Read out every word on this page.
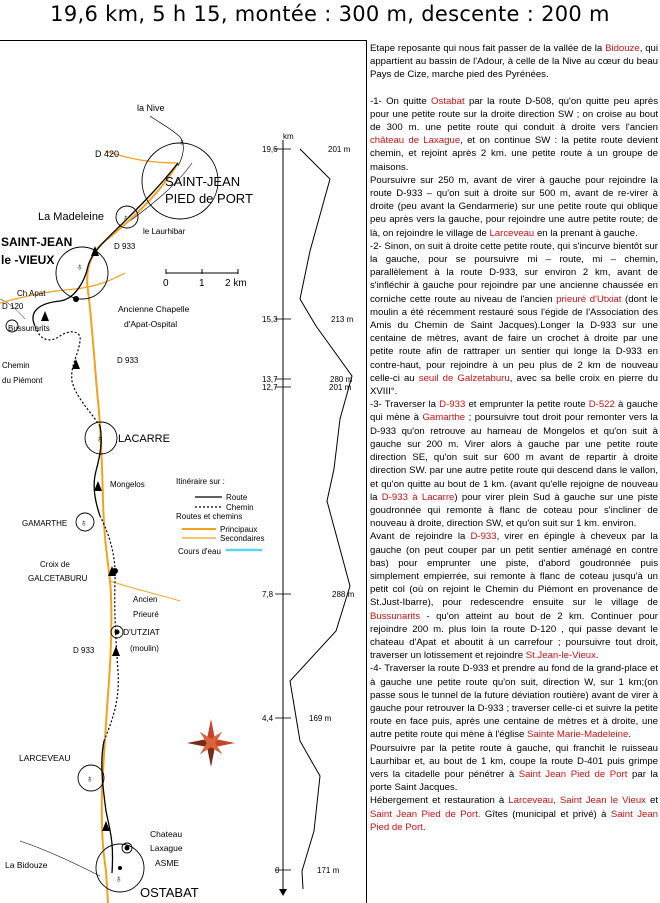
19,6 km, 5 h 15, montée : 300 m, descente : 200 m
♁
♁
♁
♁
♁
♁
♁
la Nive
D 420
SAINT-JEAN
PIED de PORT
La Madeleine
le Laurhibar
D 933
SAINT-JEAN
le -VIEUX
Ch Apat
D 120
Bussunarits
Ancienne Chapelle
d'Apat-Ospital
Chemin
du Piémont
D 933
LACARRE
Mongelos
GAMARTHE
Croix de
GALCETABURU
Ancien
Prieuré
D'UTZIAT
(moulin)
D 933
LARCEVEAU
Chateau
Laxague
ASME
La Bidouze
OSTABAT
0	1 2 km
Itinéraire sur :
Route
Chemin
Routes et chemins
Principaux
Secondaires
Cours d'eau
km
19,6	201 m
15,3	213 m
13,7	280 m
12,7	201 m
7,8	288 m
4,4	169 m
0	171 m

Etape reposante qui nous fait passer de la vallée de la Bidouze, qui appartient au bassin de l'Adour, à celle de la Nive au cœur du beau Pays de Cize, marche pied des Pyrénées.

-1- On quitte Ostabat par la route D-508, qu'on quitte peu après pour une petite route sur la droite direction SW ; on croise au bout de 300 m. une petite route qui conduit à droite vers l'ancien château de Laxague, et on continue SW : la petite route devient chemin, et rejoint après 2 km. une petite route à un groupe de maisons.

Poursuivre sur 250 m, avant de virer à gauche pour rejoindre la route D-933 – qu'on suit à droite sur 500 m, avant de re-virer à droite (peu avant la Gendarmerie) sur une petite route qui oblique peu après vers la gauche, pour rejoindre une autre petite route; de là, on rejoindre le village de Larceveau en la prenant à gauche.

-2- Sinon, on suit à droite cette petite route, qui s'incurve bientôt sur la gauche, pour se poursuivre mi – route, mi – chemin, parallèlement à la route D-933, sur environ 2 km, avant de s'infléchir à gauche pour rejoindre par une ancienne chaussée en corniche cette route au niveau de l'ancien prieuré d'Utxiat (dont le moulin a été récemment restauré sous l'égide de l'Association des Amis du Chemin de Saint Jacques).Longer la D-933 sur une centaine de mètres, avant de faire un crochet à droite par une petite route afin de rattraper un sentier qui longe la D-933 en contre-haut, pour rejoindre à un peu plus de 2 km de nouveau celle-ci au seuil de Galzetaburu, avec sa belle croix en pierre du XVIII°.

-3- Traverser la D-933 et emprunter la petite route D-522 à gauche qui mène à Gamarthe ; poursuivre tout droit pour remonter vers la D-933 qu'on retrouve au hameau de Mongelos et qu'on suit à gauche sur 200 m. Virer alors à gauche par une petite route direction SE, qu'on suit sur 600 m avant de repartir à droite direction SW. par une autre petite route qui descend dans le vallon, et qu'on quitte au bout de 1 km. (avant qu'elle rejoigne de nouveau la D-933 à Lacarre) pour virer plein Sud à gauche sur une piste goudronnée qui remonte à flanc de coteau pour s'incliner de nouveau à droite, direction SW, et qu'on suit sur 1 km. environ.

Avant de rejoindre la D-933, virer en épingle à cheveux par la gauche (on peut couper par un petit sentier aménagé en contre bas) pour emprunter une piste, d'abord goudronnée puis simplement empierrée, sui remonte à flanc de coteau jusqu'à un petit col (où on rejoint le Chemin du Piémont en provenance de St.Just-Ibarre), pour redescendre ensuite sur le village de Bussunarits - qu'on atteint au bout de 2 km. Continuer pour rejoindre 200 m. plus loin la route D-120 , qui passe devant le chateau d'Apat et aboutit à un carrefour ; poursuivre tout droit, traverser un lotissement et rejoindre St.Jean-le-Vieux.

-4- Traverser la route D-933 et prendre au fond de la grand-place et à gauche une petite route qu'on suit, direction W, sur 1 km;(on passe sous le tunnel de la future déviation routière) avant de virer à gauche pour retrouver la D-933 ; traverser celle-ci et suivre la petite route en face puis, après une centaine de mètres et à droite, une autre petite route qui mène à l'église Sainte Marie-Madeleine.

Poursuivre par la petite route à gauche, qui franchit le ruisseau Laurhibar et, au bout de 1 km, coupe la route D-401 puis grimpe vers la citadelle pour pénétrer à Saint Jean Pied de Port par la porte Saint Jacques.

Hébergement et restauration à Larceveau, Saint Jean le Vieux et Saint Jean Pied de Port. Gîtes (municipal et privé) à Saint Jean Pied de Port.
